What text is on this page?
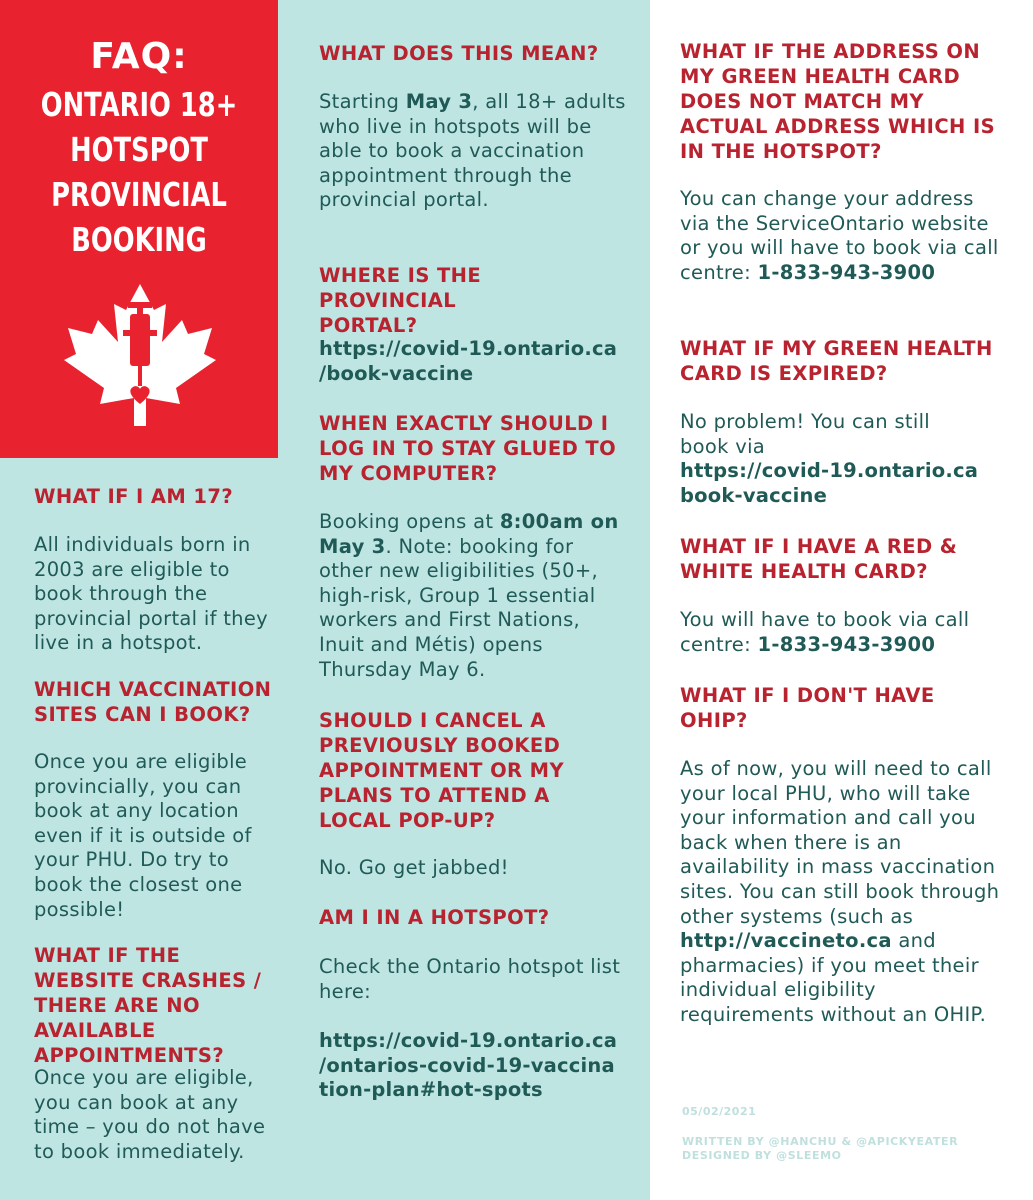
FAQ:
ONTARIO 18+
HOTSPOT
PROVINCIAL
BOOKING
WHAT IF I AM 17?
All individuals born in 2003 are eligible to book through the provincial portal if they live in a hotspot.
WHICH VACCINATION SITES CAN I BOOK?
Once you are eligible provincially, you can book at any location even if it is outside of your PHU. Do try to book the closest one possible!
WHAT IF THE WEBSITE CRASHES / THERE ARE NO AVAILABLE APPOINTMENTS?
Once you are eligible, you can book at any time – you do not have to book immediately.
WHAT DOES THIS MEAN?
Starting May 3, all 18+ adults who live in hotspots will be able to book a vaccination appointment through the provincial portal.
WHERE IS THE PROVINCIAL PORTAL?
https://covid-19.ontario.ca
/book-vaccine
WHEN EXACTLY SHOULD I LOG IN TO STAY GLUED TO MY COMPUTER?
Booking opens at 8:00am on May 3. Note: booking for other new eligibilities (50+, high-risk, Group 1 essential workers and First Nations, Inuit and Métis) opens Thursday May 6.
SHOULD I CANCEL A PREVIOUSLY BOOKED APPOINTMENT OR MY PLANS TO ATTEND A LOCAL POP-UP?
No. Go get jabbed!
AM I IN A HOTSPOT?
Check the Ontario hotspot list here:
https://covid-19.ontario.ca
/ontarios-covid-19-vaccina
tion-plan#hot-spots
WHAT IF THE ADDRESS ON MY GREEN HEALTH CARD DOES NOT MATCH MY ACTUAL ADDRESS WHICH IS IN THE HOTSPOT?
You can change your address via the ServiceOntario website or you will have to book via call centre: 1-833-943-3900
WHAT IF MY GREEN HEALTH CARD IS EXPIRED?
No problem! You can still book via
https://covid-19.ontario.ca
book-vaccine
WHAT IF I HAVE A RED & WHITE HEALTH CARD?
You will have to book via call centre: 1-833-943-3900
WHAT IF I DON'T HAVE OHIP?
As of now, you will need to call your local PHU, who will take your information and call you back when there is an availability in mass vaccination sites. You can still book through other systems (such as http://vaccineto.ca and pharmacies) if you meet their individual eligibility requirements without an OHIP.
05/02/2021
WRITTEN BY @HANCHU & @APICKYEATER
DESIGNED BY @SLEEMO
